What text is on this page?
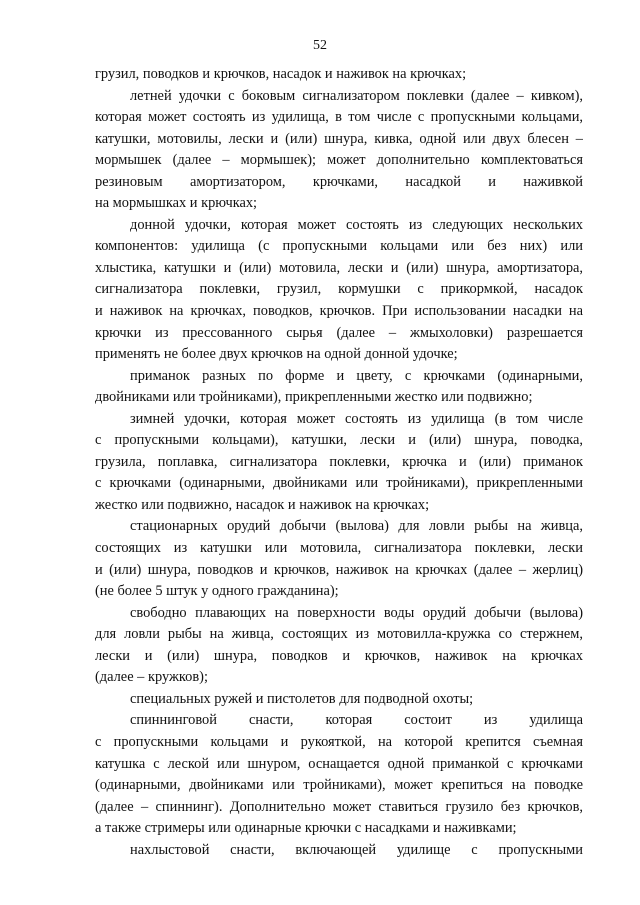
52
грузил, поводков и крючков, насадок и наживок на крючках;
летней удочки с боковым сигнализатором поклевки (далее – кивком),
которая может состоять из удилища, в том числе с пропускными кольцами,
катушки, мотовилы, лески и (или) шнура, кивка, одной или двух блесен –
мормышек (далее – мормышек); может дополнительно комплектоваться
резиновым амортизатором, крючками, насадкой и наживкой
на мормышках и крючках;
донной удочки, которая может состоять из следующих нескольких
компонентов: удилища (с пропускными кольцами или без них) или
хлыстика, катушки и (или) мотовила, лески и (или) шнура, амортизатора,
сигнализатора поклевки, грузил, кормушки с прикормкой, насадок
и наживок на крючках, поводков, крючков. При использовании насадки на
крючки из прессованного сырья (далее – жмыхоловки) разрешается
применять не более двух крючков на одной донной удочке;
приманок разных по форме и цвету, с крючками (одинарными,
двойниками или тройниками), прикрепленными жестко или подвижно;
зимней удочки, которая может состоять из удилища (в том числе
с пропускными кольцами), катушки, лески и (или) шнура, поводка,
грузила, поплавка, сигнализатора поклевки, крючка и (или) приманок
с крючками (одинарными, двойниками или тройниками), прикрепленными
жестко или подвижно, насадок и наживок на крючках;
стационарных орудий добычи (вылова) для ловли рыбы на живца,
состоящих из катушки или мотовила, сигнализатора поклевки, лески
и (или) шнура, поводков и крючков, наживок на крючках (далее – жерлиц)
(не более 5 штук у одного гражданина);
свободно плавающих на поверхности воды орудий добычи (вылова)
для ловли рыбы на живца, состоящих из мотовилла-кружка со стержнем,
лески и (или) шнура, поводков и крючков, наживок на крючках
(далее – кружков);
специальных ружей и пистолетов для подводной охоты;
спиннинговой снасти, которая состоит из удилища
с пропускными кольцами и рукояткой, на которой крепится съемная
катушка с леской или шнуром, оснащается одной приманкой с крючками
(одинарными, двойниками или тройниками), может крепиться на поводке
(далее – спиннинг). Дополнительно может ставиться грузило без крючков,
а также стримеры или одинарные крючки с насадками и наживками;
нахлыстовой снасти, включающей удилище с пропускными
